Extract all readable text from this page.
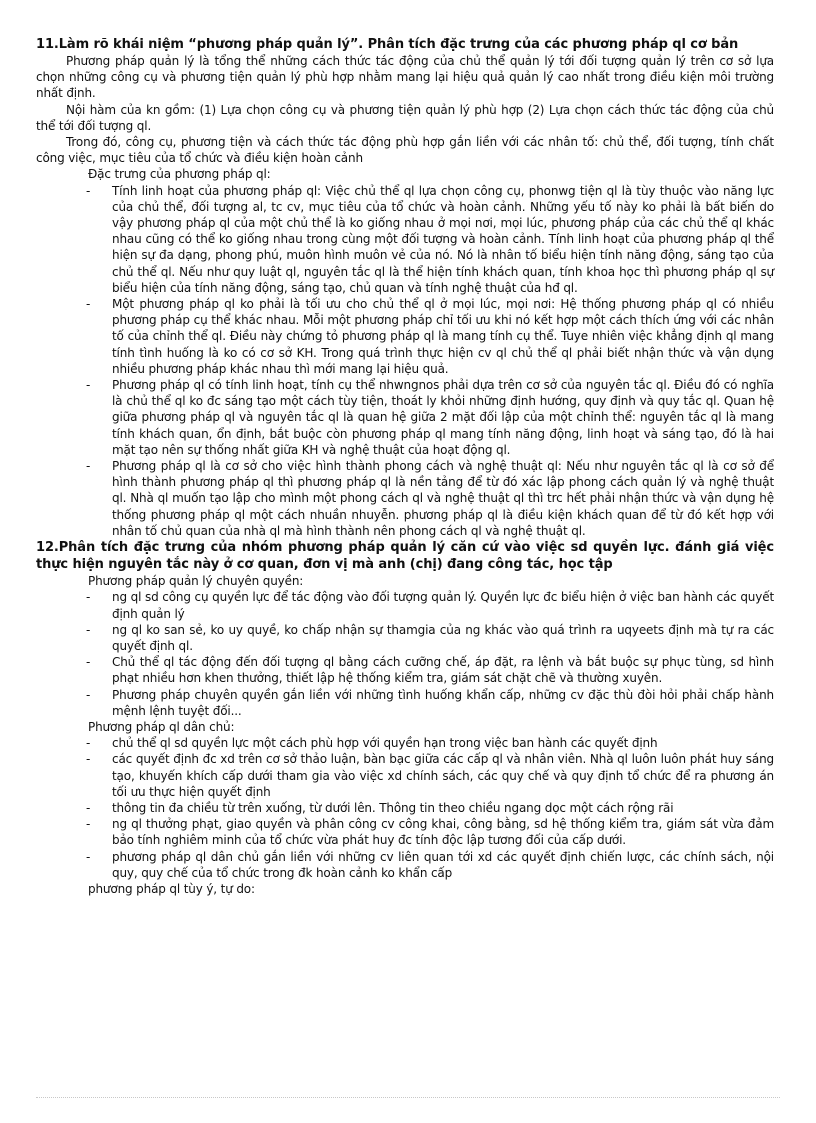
11.Làm rõ khái niệm “phương pháp quản lý”. Phân tích đặc trưng của các phương pháp ql cơ bản

Phương pháp quản lý là tổng thể những cách thức tác động của chủ thể quản lý tới đối tượng quản lý trên cơ sở lựa chọn những công cụ và phương tiện quản lý phù hợp nhằm mang lại hiệu quả quản lý cao nhất trong điều kiện môi trường nhất định.

Nội hàm của kn gồm: (1) Lựa chọn công cụ và phương tiện quản lý phù hợp (2) Lựa chọn cách thức tác động của chủ thể tới đối tượng ql.

Trong đó, công cụ, phương tiện và cách thức tác động phù hợp gắn liền với các nhân tố: chủ thể, đối tượng, tính chất công việc, mục tiêu của tổ chức và điều kiện hoàn cảnh

Đặc trưng của phương pháp ql:

-	Tính linh hoạt của phương pháp ql: Việc chủ thể ql lựa chọn công cụ, phonwg tiện ql là tùy thuộc vào năng lực của chủ thể, đối tượng al, tc cv, mục tiêu của tổ chức và hoàn cảnh. Những yếu tố này ko phải là bất biến do vậy phương pháp ql của một chủ thể là ko giống nhau ở mọi nơi, mọi lúc, phương pháp của các chủ thể ql khác nhau cũng có thể ko giống nhau trong cùng một đối tượng và hoàn cảnh. Tính linh hoạt của phương pháp ql thể hiện sự đa dạng, phong phú, muôn hình muôn vẻ của nó. Nó là nhân tố biểu hiện tính năng động, sáng tạo của chủ thể ql. Nếu như quy luật ql, nguyên tắc ql là thể hiện tính khách quan, tính khoa học thì phương pháp ql sự biểu hiện của tính năng động, sáng tạo, chủ quan và tính nghệ thuật của hđ ql.
-	Một phương pháp ql ko phải là tối ưu cho chủ thể ql ở mọi lúc, mọi nơi: Hệ thống phương pháp ql có nhiều phương pháp cụ thể khác nhau. Mỗi một phương pháp chỉ tối ưu khi nó kết hợp một cách thích ứng với các nhân tố của chỉnh thể ql. Điều này chứng tỏ phương pháp ql là mang tính cụ thể. Tuye nhiên việc khẳng định ql mang tính tình huống là ko có cơ sở KH. Trong quá trình thực hiện cv ql chủ thể ql phải biết nhận thức và vận dụng nhiều phương pháp khác nhau thì mới mang lại hiệu quả.
-	Phương pháp ql có tính linh hoạt, tính cụ thể nhwngnos phải dựa trên cơ sở của nguyên tắc ql. Điều đó có nghĩa là chủ thể ql ko đc sáng tạo một cách tùy tiện, thoát ly khỏi những định hướng, quy định và quy tắc ql. Quan hệ giữa phương pháp ql và nguyên tắc ql là quan hệ giữa 2 mặt đối lập của một chỉnh thể: nguyên tắc ql là mang tính khách quan, ổn định, bắt buộc còn phương pháp ql mang tính năng động, linh hoạt và sáng tạo, đó là hai mặt tạo nên sự thống nhất giữa KH và nghệ thuật của hoạt động ql.
-	Phương pháp ql là cơ sở cho việc hình thành phong cách và nghệ thuật ql: Nếu như nguyên tắc ql là cơ sở để hình thành phương pháp ql thì phương pháp ql là nền tảng để từ đó xác lập phong cách quản lý và nghệ thuật ql. Nhà ql muốn tạo lập cho mình một phong cách ql và nghệ thuật ql thì trc hết phải nhận thức và vận dụng hệ thống phương pháp ql một cách nhuần nhuyễn. phương pháp ql là điều kiện khách quan để từ đó kết hợp với nhân tố chủ quan của nhà ql mà hình thành nên phong cách ql và nghệ thuật ql.
12.Phân tích đặc trưng của nhóm phương pháp quản lý căn cứ vào việc sd quyền lực. đánh giá việc thực hiện nguyên tắc này ở cơ quan, đơn vị mà anh (chị) đang công tác, học tập

Phương pháp quản lý chuyên quyền:

-	ng ql sd công cụ quyền lực để tác động vào đối tượng quản lý. Quyền lực đc biểu hiện ở việc ban hành các quyết định quản lý
-	ng ql ko san sẻ, ko uy quyề, ko chấp nhận sự thamgia của ng khác vào quá trình ra uqyeets định mà tự ra các quyết định ql.
-	Chủ thể ql tác động đến đối tượng ql bằng cách cưỡng chế, áp đặt, ra lệnh và bắt buộc sự phục tùng, sd hình phạt nhiều hơn khen thưởng, thiết lập hệ thống kiểm tra, giám sát chặt chẽ và thường xuyên.
-	Phương pháp chuyên quyền gắn liền với những tình huống khẩn cấp, những cv đặc thù đòi hỏi phải chấp hành mệnh lệnh tuyệt đối...

Phương pháp ql dân chủ:

-	chủ thể ql sd quyền lực một cách phù hợp với quyền hạn trong việc ban hành các quyết định
-	các quyết định đc xd trên cơ sở thảo luận, bàn bạc giữa các cấp ql và nhân viên. Nhà ql luôn luôn phát huy sáng tạo, khuyến khích cấp dưới tham gia vào việc xd chính sách, các quy chế và quy định tổ chức để ra phương án tối ưu thực hiện quyết định
-	thông tin đa chiều từ trên xuống, từ dưới lên. Thông tin theo chiều ngang dọc một cách rộng rãi
-	ng ql thưởng phạt, giao quyền và phân công cv công khai, công bằng, sd hệ thống kiểm tra, giám sát vừa đảm bảo tính nghiêm minh của tổ chức vừa phát huy đc tính độc lập tương đối của cấp dưới.
-	phương pháp ql dân chủ gắn liền với những cv liên quan tới xd các quyết định chiến lược, các chính sách, nội quy, quy chế của tổ chức trong đk hoàn cảnh ko khẩn cấp

phương pháp ql tùy ý, tự do:
